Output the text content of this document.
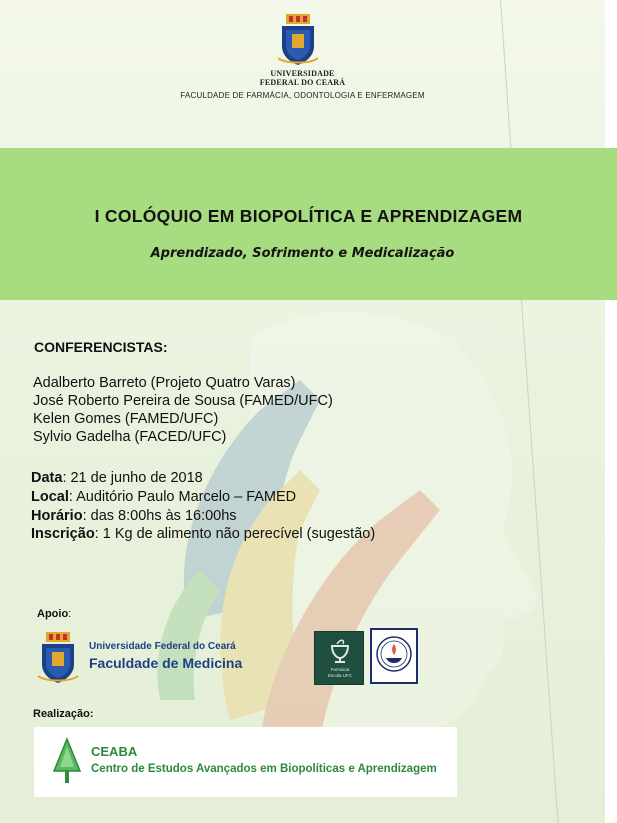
UNIVERSIDADE
FEDERAL DO CEARÁ
FACULDADE DE FARMÁCIA, ODONTOLOGIA E ENFERMAGEM
I COLÓQUIO EM BIOPOLÍTICA E APRENDIZAGEM
Aprendizado, Sofrimento e Medicalização
CONFERENCISTAS:
Adalberto Barreto (Projeto Quatro Varas)
José Roberto Pereira de Sousa (FAMED/UFC)
Kelen Gomes (FAMED/UFC)
Sylvio Gadelha (FACED/UFC)
Data: 21 de junho de 2018
Local: Auditório Paulo Marcelo – FAMED
Horário: das 8:00hs às 16:00hs
Inscrição: 1 Kg de alimento não perecível (sugestão)
Apoio:
Universidade Federal do Ceará
Faculdade de Medicina	Farmácia
Escola UFC
Realização:
CEABA
Centro de Estudos Avançados em Biopolíticas e Aprendizagem
